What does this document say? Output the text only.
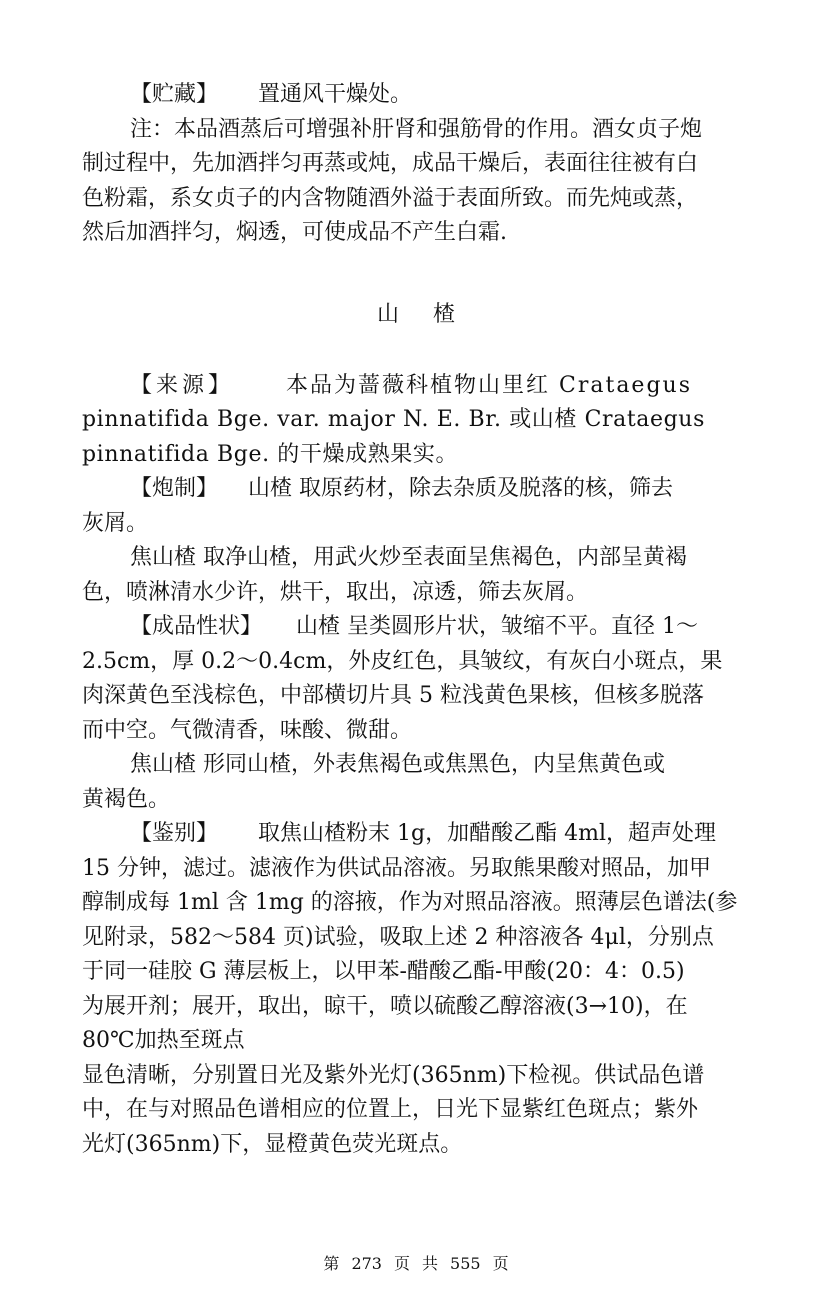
【贮藏】 置通风干燥处。
注：本品酒蒸后可增强补肝肾和强筋骨的作用。酒女贞子炮
制过程中，先加酒拌匀再蒸或炖，成品干燥后，表面往往被有白
色粉霜，系女贞子的内含物随酒外溢于表面所致。而先炖或蒸，
然后加酒拌匀，焖透，可使成品不产生白霜.
山 楂
【来源】 本品为蔷薇科植物山里红 Crataegus
pinnatifida Bge. var. major N. E. Br. 或山楂 Crataegus
pinnatifida Bge. 的干燥成熟果实。
【炮制】 山楂 取原药材，除去杂质及脱落的核，筛去
灰屑。
焦山楂 取净山楂，用武火炒至表面呈焦褐色，内部呈黄褐
色，喷淋清水少许，烘干，取出，凉透，筛去灰屑。
【成品性状】 山楂 呈类圆形片状，皱缩不平。直径 1～
2.5cm，厚 0.2～0.4cm，外皮红色，具皱纹，有灰白小斑点，果
肉深黄色至浅棕色，中部横切片具 5 粒浅黄色果核，但核多脱落
而中空。气微清香，味酸、微甜。
焦山楂 形同山楂，外表焦褐色或焦黑色，内呈焦黄色或
黄褐色。
【鉴别】 取焦山楂粉末 1g，加醋酸乙酯 4ml，超声处理
15 分钟，滤过。滤液作为供试品溶液。另取熊果酸对照品，加甲
醇制成每 1ml 含 1mg 的溶掖，作为对照品溶液。照薄层色谱法(参
见附录，582～584 页)试验，吸取上述 2 种溶液各 4μl，分别点
于同一硅胶 G 薄层板上，以甲苯-醋酸乙酯-甲酸(20：4：0.5)
为展开剂；展开，取出，晾干，喷以硫酸乙醇溶液(3→10)，在
80℃加热至斑点
显色清晰，分别置日光及紫外光灯(365nm)下检视。供试品色谱
中，在与对照品色谱相应的位置上，日光下显紫红色斑点；紫外
光灯(365nm)下，显橙黄色荧光斑点。
第 273 页 共 555 页
